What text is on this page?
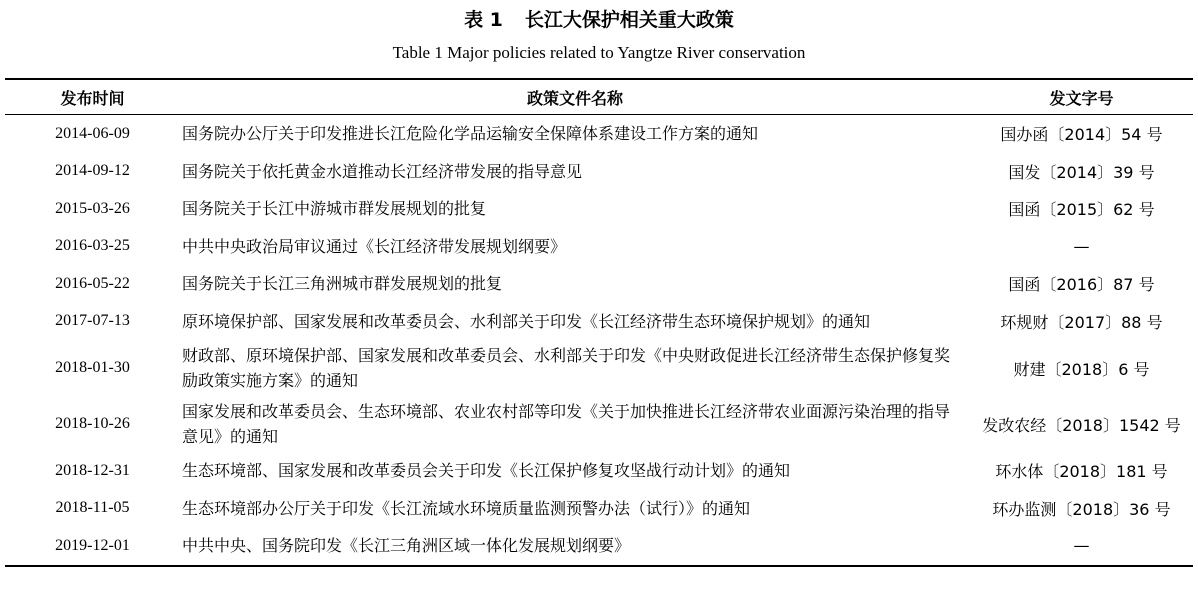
表 1 长江大保护相关重大政策
Table 1 Major policies related to Yangtze River conservation
发布时间	政策文件名称	发文字号
2014-06-09	国务院办公厅关于印发推进长江危险化学品运输安全保障体系建设工作方案的通知	国办函〔2014〕54 号
2014-09-12	国务院关于依托黄金水道推动长江经济带发展的指导意见	国发〔2014〕39 号
2015-03-26	国务院关于长江中游城市群发展规划的批复	国函〔2015〕62 号
2016-03-25	中共中央政治局审议通过《长江经济带发展规划纲要》	—
2016-05-22	国务院关于长江三角洲城市群发展规划的批复	国函〔2016〕87 号
2017-07-13	原环境保护部、国家发展和改革委员会、水利部关于印发《长江经济带生态环境保护规划》的通知	环规财〔2017〕88 号
2018-01-30	财政部、原环境保护部、国家发展和改革委员会、水利部关于印发《中央财政促进长江经济带生态保护修复奖励政策实施方案》的通知	财建〔2018〕6 号
2018-10-26	国家发展和改革委员会、生态环境部、农业农村部等印发《关于加快推进长江经济带农业面源污染治理的指导意见》的通知	发改农经〔2018〕1542 号
2018-12-31	生态环境部、国家发展和改革委员会关于印发《长江保护修复攻坚战行动计划》的通知	环水体〔2018〕181 号
2018-11-05	生态环境部办公厅关于印发《长江流域水环境质量监测预警办法（试行）》的通知	环办监测〔2018〕36 号
2019-12-01	中共中央、国务院印发《长江三角洲区域一体化发展规划纲要》	—
